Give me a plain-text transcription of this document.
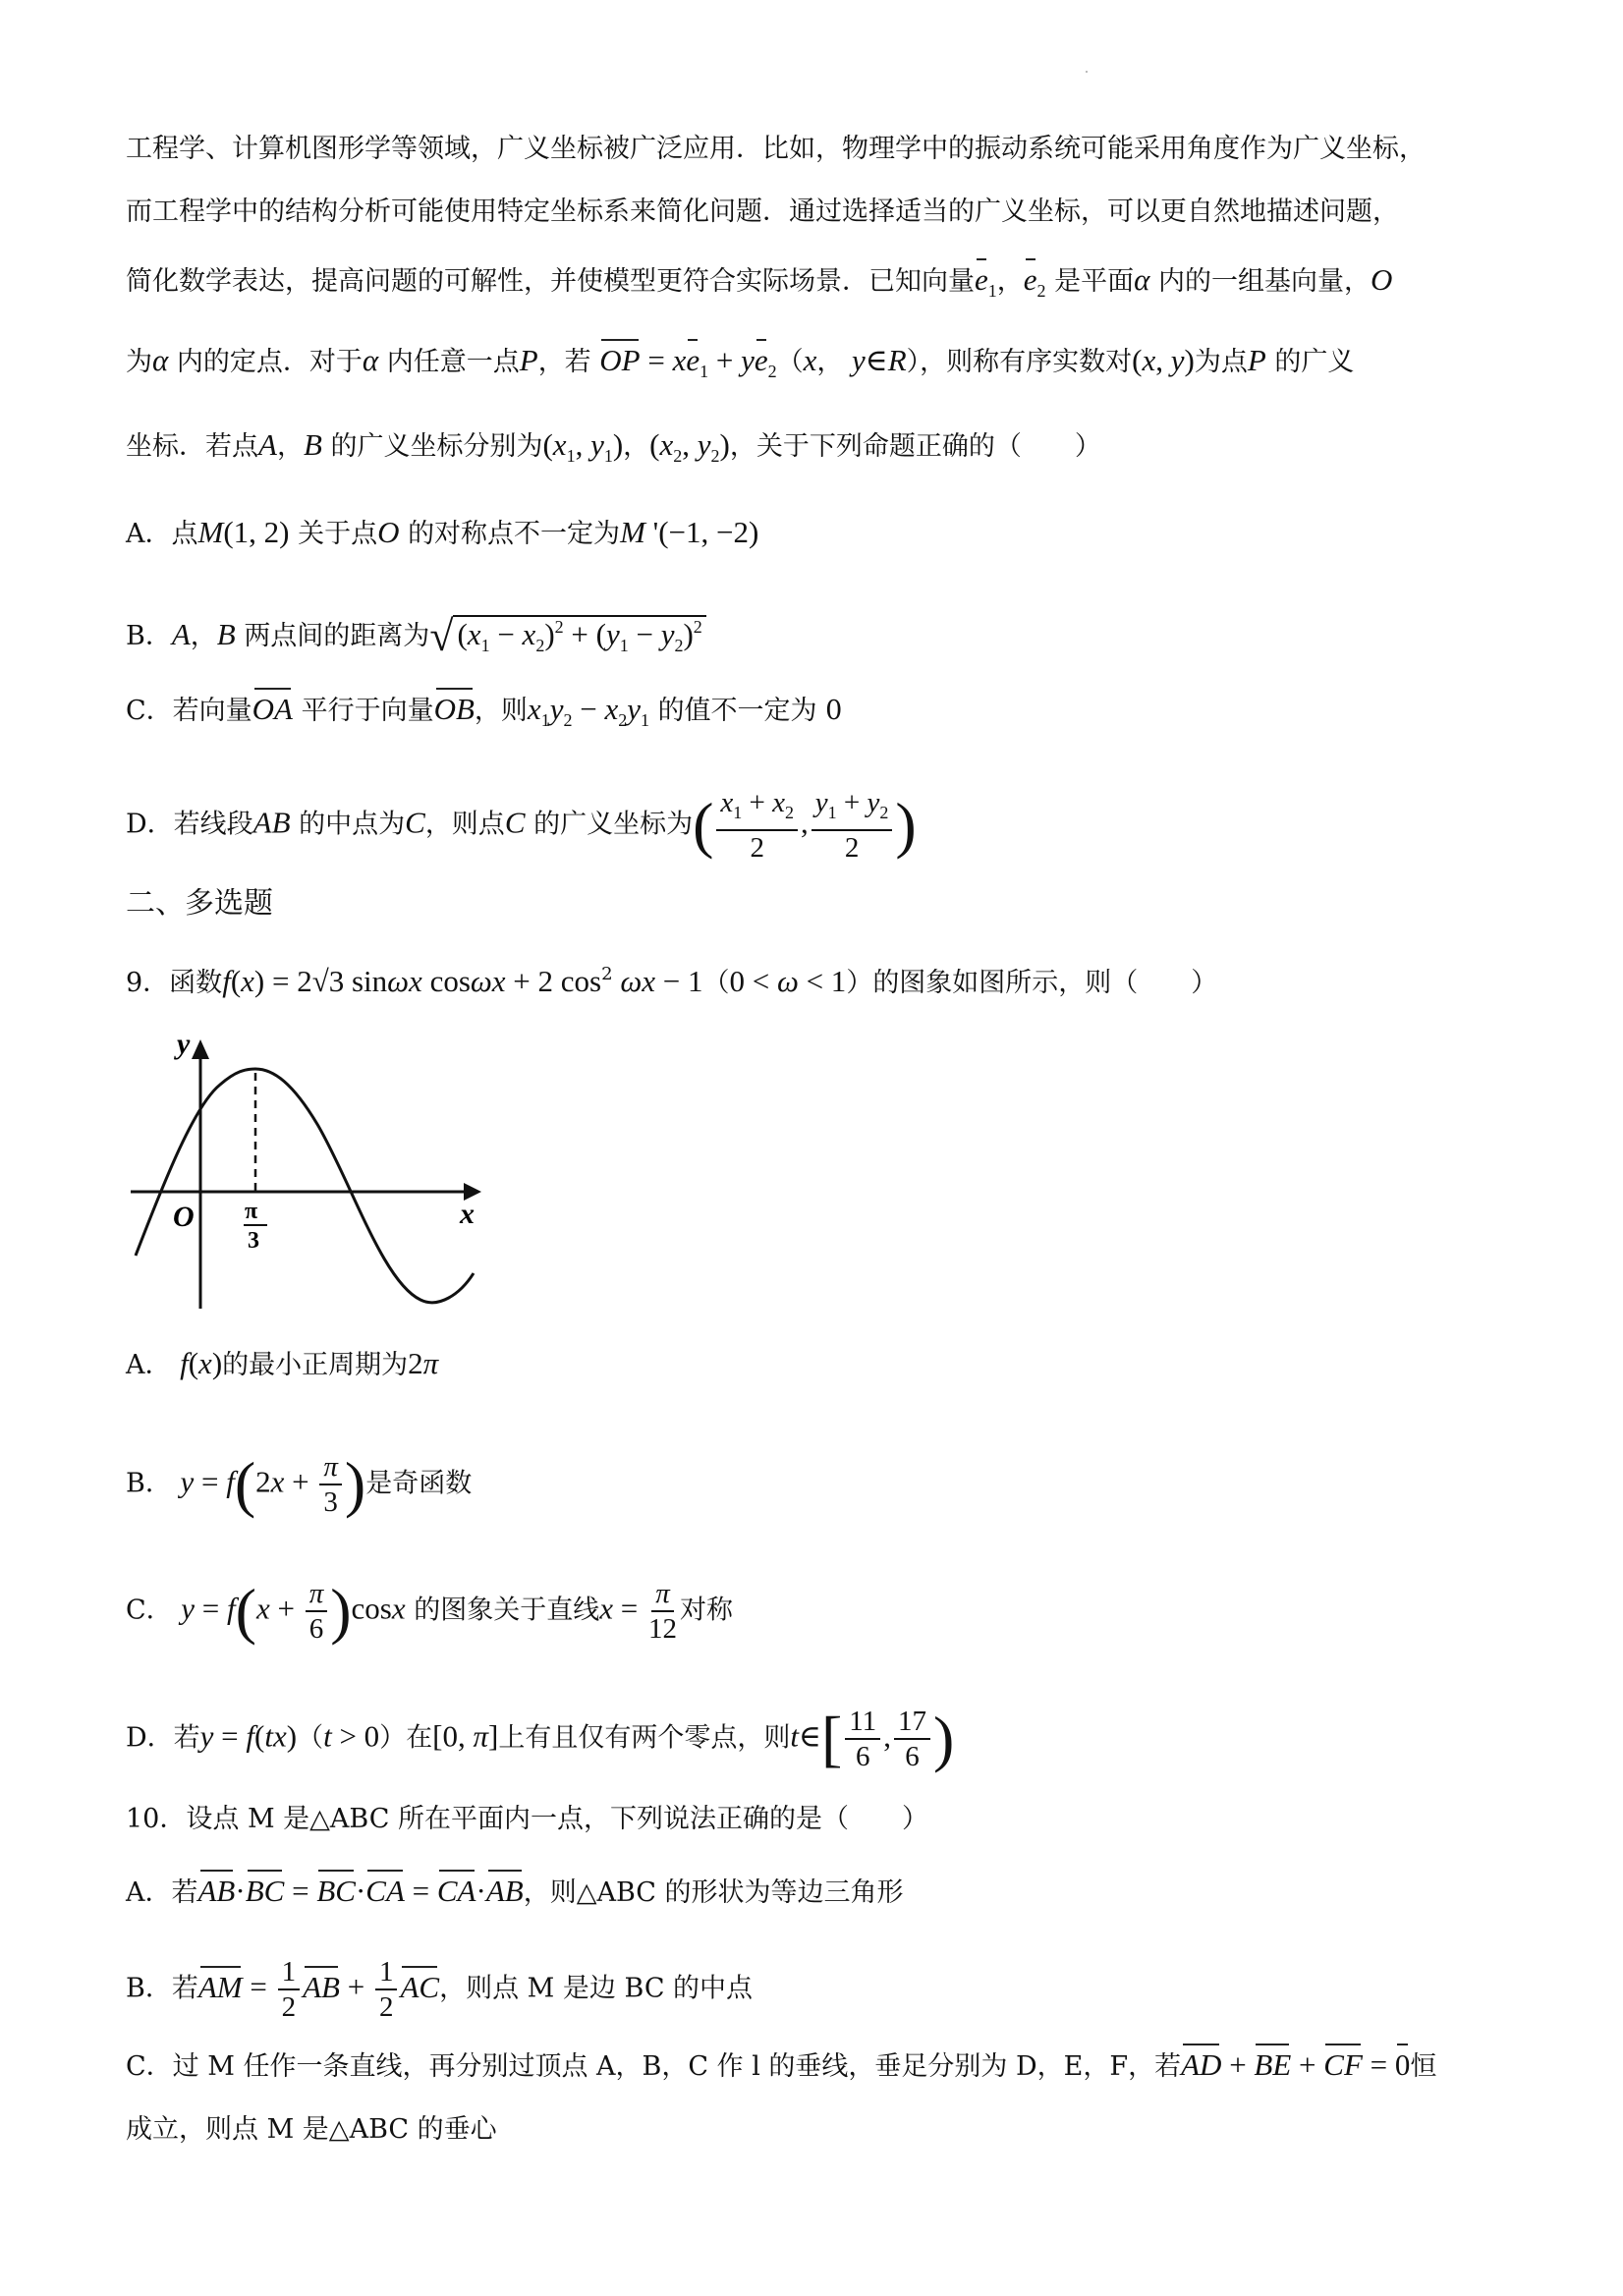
工程学、计算机图形学等领域，广义坐标被广泛应用．比如，物理学中的振动系统可能采用角度作为广义坐标，
而工程学中的结构分析可能使用特定坐标系来简化问题．通过选择适当的广义坐标，可以更自然地描述问题，
简化数学表达，提高问题的可解性，并使模型更符合实际场景．已知向量$e_1$，$e_2$ 是平面α 内的一组基向量，O
为α 内的定点．对于α 内任意一点P，若 OP = $xe_1 + ye_2(x$， y∈R），则称有序实数对(x, y)为点P 的广义
坐标．若点A，B 的广义坐标分别为($x_1$, $y_1$)，($x_2$, $y_2$)，关于下列命题正确的（　　）
A．点M(1, 2) 关于点O 的对称点不一定为M '(−1, −2)
B．A，B 两点间的距离为√ $(x_1 - x_2)^2 + (y_1 - y_2)^2$
C．若向量OA 平行于向量OB，则$x_1y_2 - x_2y_1$ 的值不一定为 0
D．若线段AB 的中点为C，则点C 的广义坐标为( $\frac{x_1 + x_2}{2}$ , $\frac{y_1 + y_2}{2}$ )
二、多选题
9．函数f(x) = 2√3 sinωx cosωx + 2 $\cos^2 \omega x - 1(0 < \omega < 1)$的图象如图所示，则（　　）
y
x
O π
3
A． f(x)的最小正周期为2π
B． $y = f(2x + \frac{\pi}{3}$ )是奇函数
C． $y = f(x + \frac{\pi}{6} )\cos x$ 的图象关于直线$x = \frac{\pi}{12}$ 对称
D．若y = f(tx)（t > 0）在[0, π]上有且仅有两个零点，则t∈[ $\frac{11}{6}$ , $\frac{17}{6}$ )
10．设点 M 是△ABC 所在平面内一点，下列说法正确的是（　　）
A．若AB·BC = BC·CA = CA·AB，则△ABC 的形状为等边三角形
B．若AM = $\frac{1}{2}$ AB + $\frac{1}{2}$ AC，则点 M 是边 BC 的中点
C．过 M 任作一条直线，再分别过顶点 A，B，C 作 l 的垂线，垂足分别为 D，E，F，若AD + BE + CF = 0恒
成立，则点 M 是△ABC 的垂心
